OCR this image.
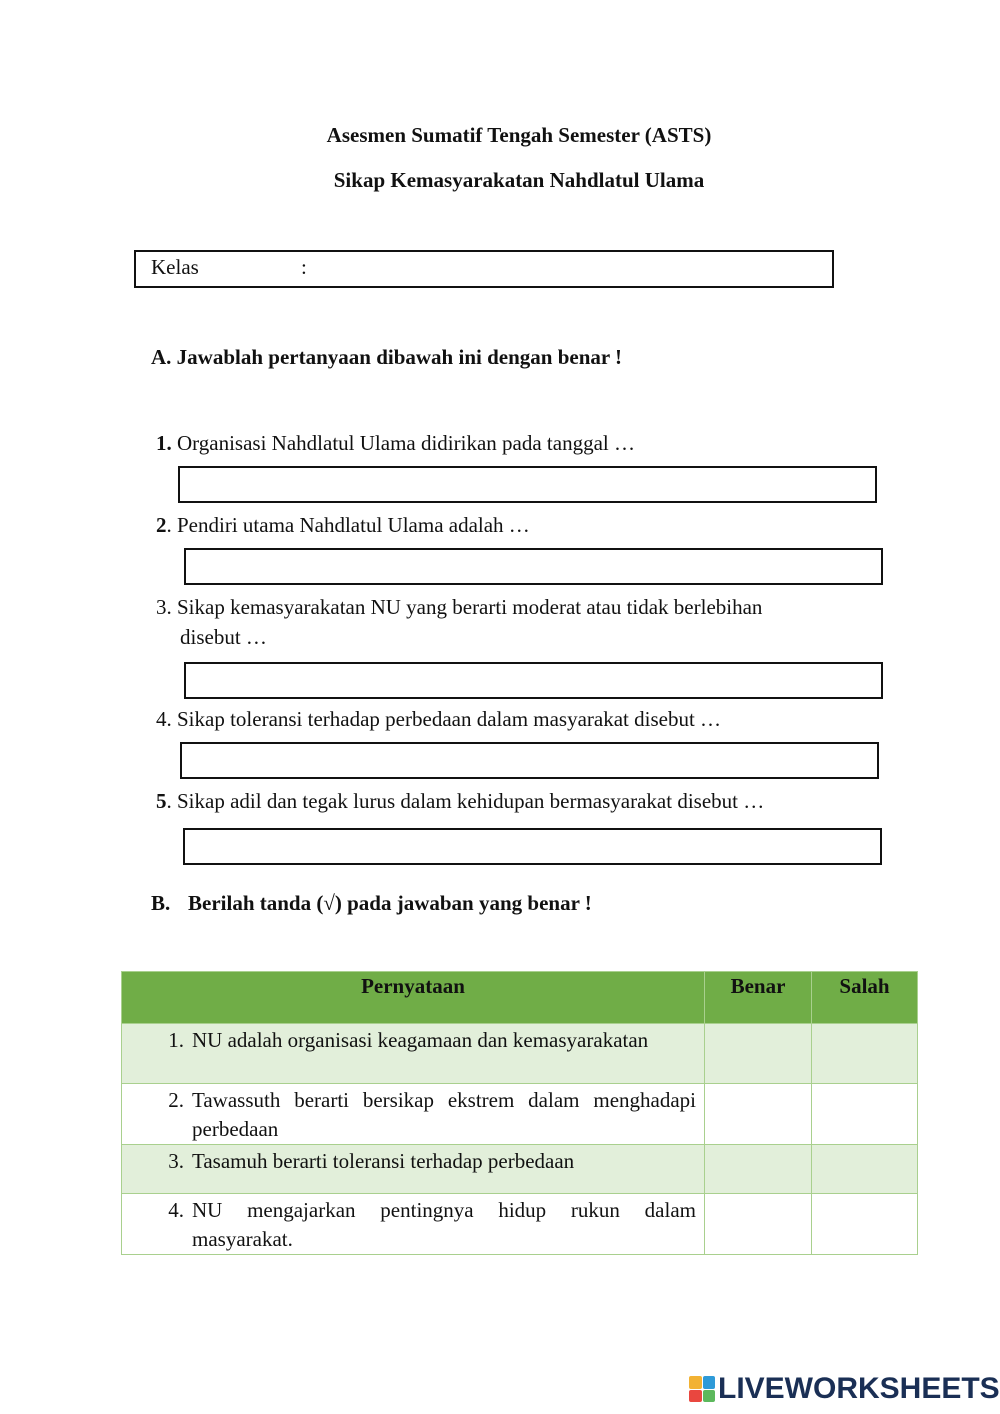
Asesmen Sumatif Tengah Semester (ASTS)
Sikap Kemasyarakatan Nahdlatul Ulama
Kelas	:
A. Jawablah pertanyaan dibawah ini dengan benar !
1. Organisasi Nahdlatul Ulama didirikan pada tanggal …
2. Pendiri utama Nahdlatul Ulama adalah …
3. Sikap kemasyarakatan NU yang berarti moderat atau tidak berlebihan
disebut …
4. Sikap toleransi terhadap perbedaan dalam masyarakat disebut …
5. Sikap adil dan tegak lurus dalam kehidupan bermasyarakat disebut …
B. Berilah tanda (√) pada jawaban yang benar !
Pernyataan	Benar	Salah

1. NU adalah organisasi keagamaan dan kemasyarakatan		

2. Tawassuth berarti bersikap ekstrem dalam menghadapi perbedaan		

3. Tasamuh berarti toleransi terhadap perbedaan		

4. NU mengajarkan pentingnya hidup rukun dalam masyarakat.		

LIVEWORKSHEETS
